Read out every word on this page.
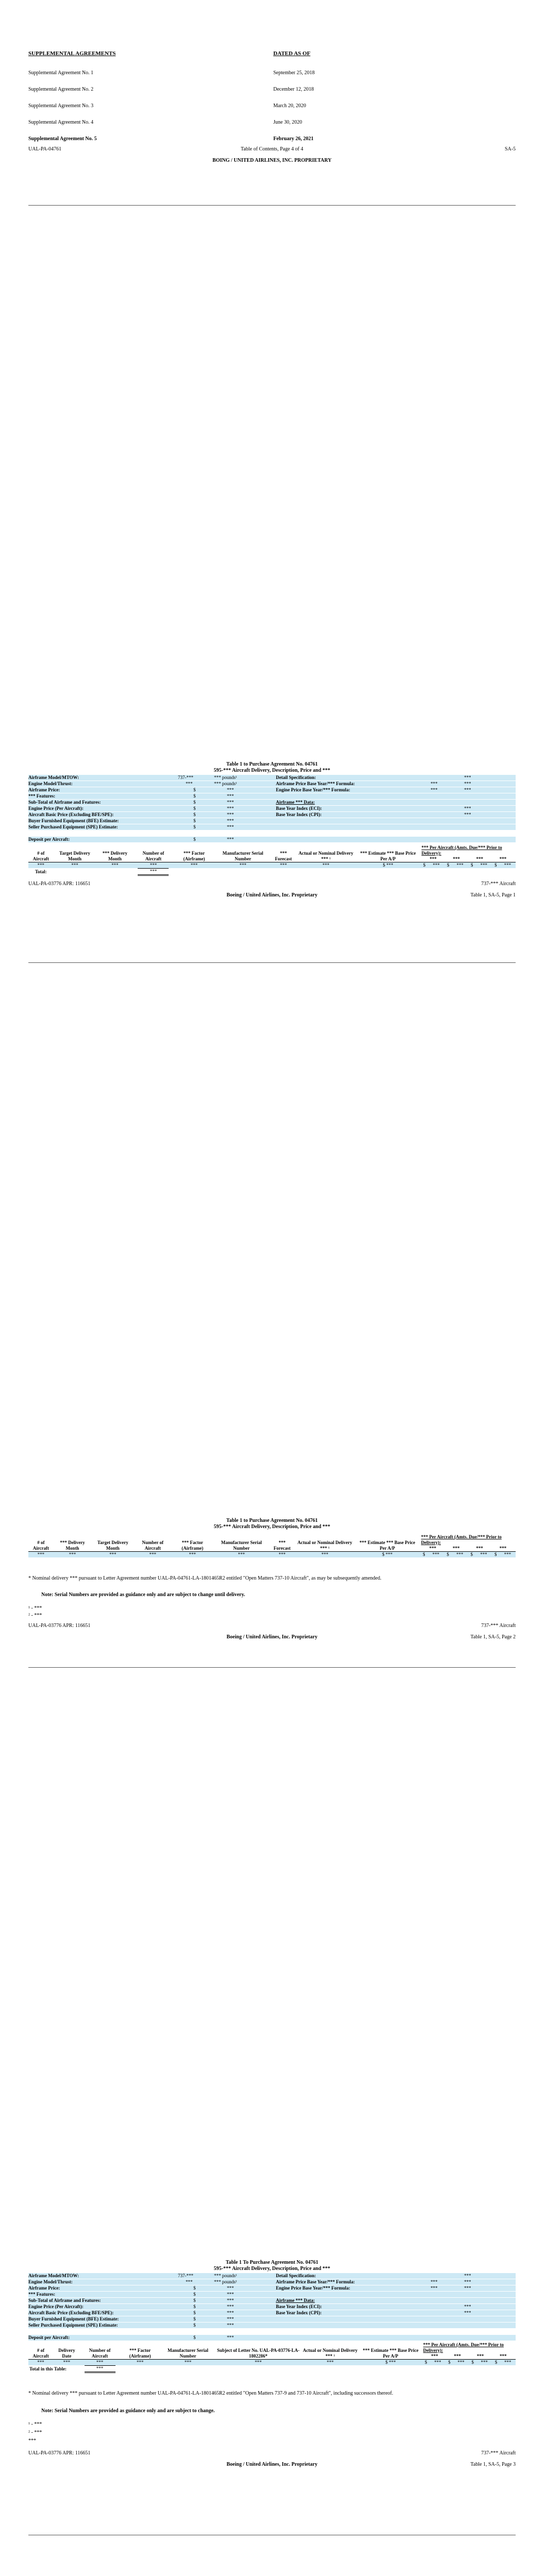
SUPPLEMENTAL AGREEMENTS	DATED AS OF
Supplemental Agreement No. 1	September 25, 2018
Supplemental Agreement No. 2	December 12, 2018
Supplemental Agreement No. 3	March 20, 2020
Supplemental Agreement No. 4	June 30, 2020
Supplemental Agreement No. 5	February 26, 2021
UAL-PA-04761	Table of Contents, Page 4 of 4	SA-5
BOING / UNITED AIRLINES, INC. PROPRIETARY
Table 1 to Purchase Agreement No. 04761
595-*** Aircraft Delivery, Description, Price and ***
Airframe Model/MTOW:	737-***	*** pounds¹	Detail Specification:	***
Engine Model/Thrust:	***	*** pounds¹	Airframe Price Base Year/*** Formula:	***	***
Airframe Price:	$	***	Engine Price Base Year/*** Formula:	***	***
*** Features:	$	***
Sub-Total of Airframe and Features:	$	***	Airframe *** Data:
Engine Price (Per Aircraft):	$	***	Base Year Index (ECI):	***
Aircraft Basic Price (Excluding BFE/SPE):	$	***	Base Year Index (CPI):	***
Buyer Furnished Equipment (BFE) Estimate:	$	***
Seller Purchased Equipment (SPE) Estimate:	$	***
Deposit per Aircraft:	$	***
# of Aircraft	Target Delivery Month	*** Delivery Month	Number of Aircraft	*** Factor (Airframe)	Manufacturer Serial Number	*** Forecast	Actual or Nominal Delivery *** ¹	*** Estimate *** Base Price Per A/P	*** Per Aircraft (Amts. Due/*** Prior to Delivery):
*** *** *** ***							

***	***	***	***	***	***	***	***	$ ***	$	***	$	***	$	***	$	***
Total:			***													
UAL-PA-03776 APR: 116651	737-*** Aircraft
Boeing / United Airlines, Inc. Proprietary	Table 1, SA-5, Page 1
Table 1 to Purchase Agreement No. 04761
595-*** Aircraft Delivery, Description, Price and ***
# of Aircraft	*** Delivery Month	Target Delivery Month	Number of Aircraft	*** Factor (Airframe)	Manufacturer Serial Number	*** Forecast	Actual or Nominal Delivery *** ¹	*** Estimate *** Base Price Per A/P	*** Per Aircraft (Amts. Due/*** Prior to Delivery):
*** *** *** ***							

***	***	***	***	***	***	***	***	$ ***	$	***	$	***	$	***	$	***
* Nominal delivery *** pursuant to Letter Agreement number UAL-PA-04761-LA-1801465R2 entitled "Open Matters 737-10 Aircraft", as may be subsequently amended.
Note: Serial Numbers are provided as guidance only and are subject to change until delivery.
¹ - ***
² - ***
UAL-PA-03776 APR: 116651	737-*** Aircraft
Boeing / United Airlines, Inc. Proprietary	Table 1, SA-5, Page 2
Table 1 To Purchase Agreement No. 04761
595-*** Aircraft Delivery, Description, Price and ***
Airframe Model/MTOW:	737-***	*** pounds¹	Detail Specification:	***
Engine Model/Thrust:	***	*** pounds¹	Airframe Price Base Year/*** Formula:	***	***
Airframe Price:	$	***	Engine Price Base Year/*** Formula:	***	***
*** Features:	$	***
Sub-Total of Airframe and Features:	$	***	Airframe *** Data:
Engine Price (Per Aircraft):	$	***	Base Year Index (ECI):	***
Aircraft Basic Price (Excluding BFE/SPE):	$	***	Base Year Index (CPI):	***
Buyer Furnished Equipment (BFE) Estimate:	$	***
Seller Purchased Equipment (SPE) Estimate:	$	***
Deposit per Aircraft:	$	***
# of Aircraft	Delivery Date	Number of Aircraft	*** Factor (Airframe)	Manufacturer Serial Number	Subject of Letter No. UAL-PA-03776-LA-1802286*	Actual or Nominal Delivery *** ¹	*** Estimate *** Base Price Per A/P	*** Per Aircraft (Amts. Due/*** Prior to Delivery):
*** *** *** ***							

***	***	***	***	***	***	***	$ ***	$	***	$	***	$	***	$	***
Total in this Table:		***													
* Nominal delivery *** pursuant to Letter Agreement number UAL-PA-04761-LA-1801465R2 entitled "Open Matters 737-9 and 737-10 Aircraft", including successors thereof.
Note: Serial Numbers are provided as guidance only and are subject to change.
¹ - ***
² - ***
***
UAL-PA-03776 APR: 116651	737-*** Aircraft
Boeing / United Airlines, Inc. Proprietary	Table 1, SA-5, Page 3
